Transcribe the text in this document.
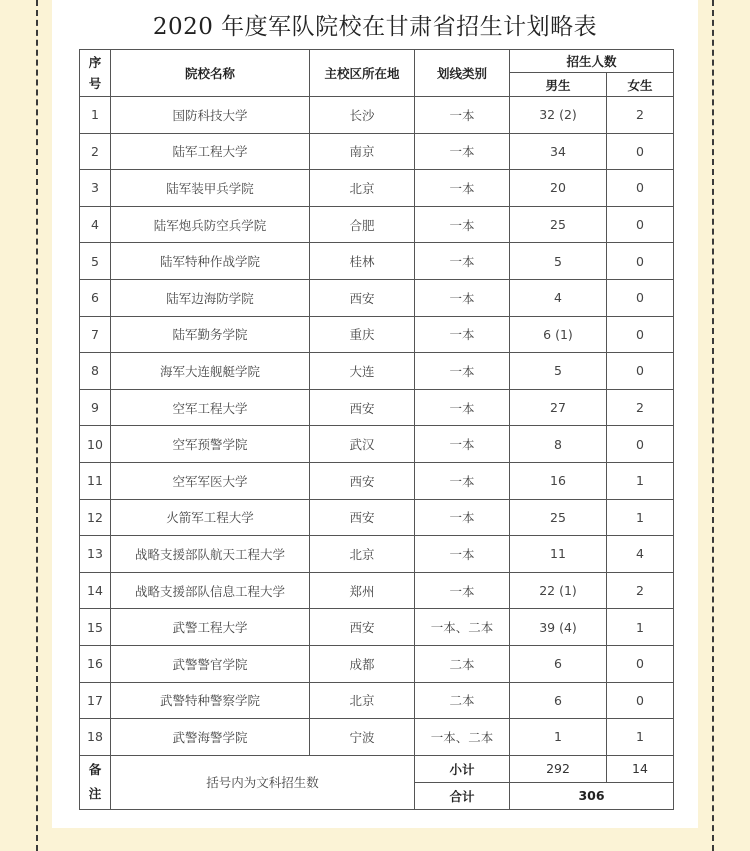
2020 年度军队院校在甘肃省招生计划略表
序号	院校名称	主校区所在地	划线类别	招生人数	
				男生	女生
1	国防科技大学	长沙	一本	32 (2)	2
2	陆军工程大学	南京	一本	34	0
3	陆军装甲兵学院	北京	一本	20	0
4	陆军炮兵防空兵学院	合肥	一本	25	0
5	陆军特种作战学院	桂林	一本	5	0
6	陆军边海防学院	西安	一本	4	0
7	陆军勤务学院	重庆	一本	6 (1)	0
8	海军大连舰艇学院	大连	一本	5	0
9	空军工程大学	西安	一本	27	2
10	空军预警学院	武汉	一本	8	0
11	空军军医大学	西安	一本	16	1
12	火箭军工程大学	西安	一本	25	1
13	战略支援部队航天工程大学	北京	一本	11	4
14	战略支援部队信息工程大学	郑州	一本	22 (1)	2
15	武警工程大学	西安	一本、二本	39 (4)	1
16	武警警官学院	成都	二本	6	0
17	武警特种警察学院	北京	二本	6	0
18	武警海警学院	宁波	一本、二本	1	1
备注	括号内为文科招生数		小计	292	14
			合计	306	
